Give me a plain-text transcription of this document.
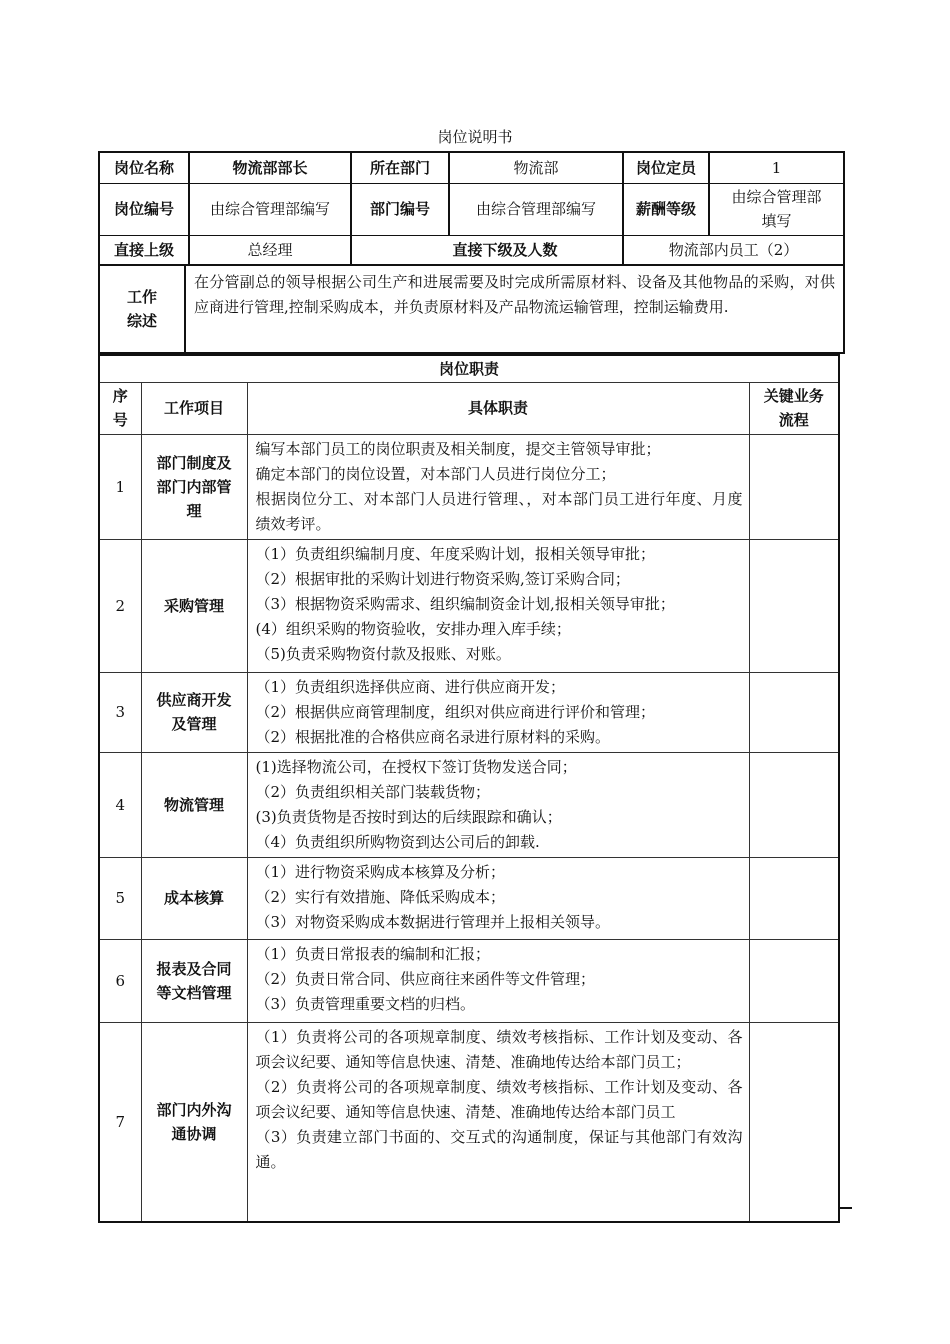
岗位说明书
岗位名称	物流部部长	所在部门	物流部	岗位定员	1
岗位编号	由综合管理部编写	部门编号	由综合管理部编写	薪酬等级	由综合管理部
填写

直接上级	总经理	直接下级及人数		物流部内员工（2）	
工作
综述
	在分管副总的领导根据公司生产和进展需要及时完成所需原材料、设备及其他物品的采购，对供应商进行管理,控制采购成本，并负责原材料及产品物流运输管理，控制运输费用.
岗位职责			

序
号	工作项目	具体职责	关键业务
流程

1	部门制度及
部门内部管
理	编写本部门员工的岗位职责及相关制度，提交主管领导审批；
确定本部门的岗位设置，对本部门人员进行岗位分工；
根据岗位分工、对本部门人员进行管理、，对本部门员工进行年度、月度绩效考评。	

2	采购管理	（1）负责组织编制月度、年度采购计划，报相关领导审批；
（2）根据审批的采购计划进行物资采购,签订采购合同；
（3）根据物资采购需求、组织编制资金计划,报相关领导审批；
(4）组织采购的物资验收，安排办理入库手续；
（5)负责采购物资付款及报账、对账。	

3	供应商开发
及管理	（1）负责组织选择供应商、进行供应商开发；
（2）根据供应商管理制度，组织对供应商进行评价和管理；
（2）根据批准的合格供应商名录进行原材料的采购。	

4	物流管理	(1)选择物流公司，在授权下签订货物发送合同；
（2）负责组织相关部门装载货物；
(3)负责货物是否按时到达的后续跟踪和确认；
（4）负责组织所购物资到达公司后的卸载.	

5	成本核算	（1）进行物资采购成本核算及分析；
（2）实行有效措施、降低采购成本；
（3）对物资采购成本数据进行管理并上报相关领导。	

6	报表及合同
等文档管理	（1）负责日常报表的编制和汇报；
（2）负责日常合同、供应商往来函件等文件管理；
（3）负责管理重要文档的归档。	

7	部门内外沟
通协调	（1）负责将公司的各项规章制度、绩效考核指标、工作计划及变动、各项会议纪要、通知等信息快速、清楚、准确地传达给本部门员工；
（2）负责将公司的各项规章制度、绩效考核指标、工作计划及变动、各项会议纪要、通知等信息快速、清楚、准确地传达给本部门员工
（3）负责建立部门书面的、交互式的沟通制度，保证与其他部门有效沟通。	
